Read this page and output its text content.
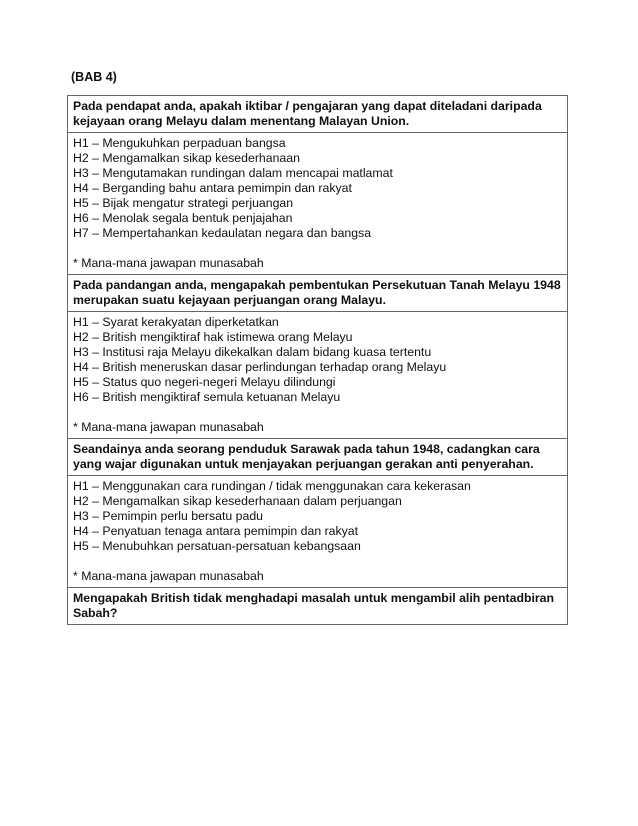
(BAB 4)
Pada pendapat anda, apakah iktibar / pengajaran yang dapat diteladani daripada kejayaan orang Melayu dalam menentang Malayan Union.

H1 – Mengukuhkan perpaduan bangsa
H2 – Mengamalkan sikap kesederhanaan
H3 – Mengutamakan rundingan dalam mencapai matlamat
H4 – Berganding bahu antara pemimpin dan rakyat
H5 – Bijak mengatur strategi perjuangan
H6 – Menolak segala bentuk penjajahan
H7 – Mempertahankan kedaulatan negara dan bangsa
* Mana-mana jawapan munasabah

Pada pandangan anda, mengapakah pembentukan Persekutuan Tanah Melayu 1948 merupakan suatu kejayaan perjuangan orang Malayu.

H1 – Syarat kerakyatan diperketatkan
H2 – British mengiktiraf hak istimewa orang Melayu
H3 – Institusi raja Melayu dikekalkan dalam bidang kuasa tertentu
H4 – British meneruskan dasar perlindungan terhadap orang Melayu
H5 – Status quo negeri-negeri Melayu dilindungi
H6 – British mengiktiraf semula ketuanan Melayu
* Mana-mana jawapan munasabah

Seandainya anda seorang penduduk Sarawak pada tahun 1948, cadangkan cara yang wajar digunakan untuk menjayakan perjuangan gerakan anti penyerahan.

H1 – Menggunakan cara rundingan / tidak menggunakan cara kekerasan
H2 – Mengamalkan sikap kesederhanaan dalam perjuangan
H3 – Pemimpin perlu bersatu padu
H4 – Penyatuan tenaga antara pemimpin dan rakyat
H5 – Menubuhkan persatuan-persatuan kebangsaan
* Mana-mana jawapan munasabah

Mengapakah British tidak menghadapi masalah untuk mengambil alih pentadbiran Sabah?
